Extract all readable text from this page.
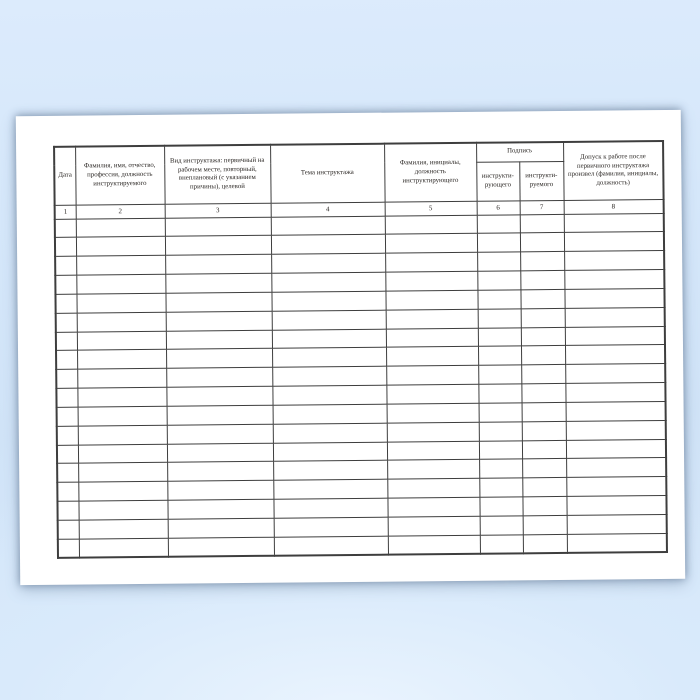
Дата	Фамилия, имя, отчество, профессия, должность инструктируемого	Вид инструктажа: первичный на рабочем месте, повторный, внеплановый (с указанием причины), целевой	Тема инструктажа	Фамилия, инициалы, должность инструктирующего	Подпись		Допуск к работе после первичного инструктажа произвел (фамилия, инициалы, должность)
					инструкти- рующего	инструкти- руемого	
1	2	3	4	5	6	7	8
